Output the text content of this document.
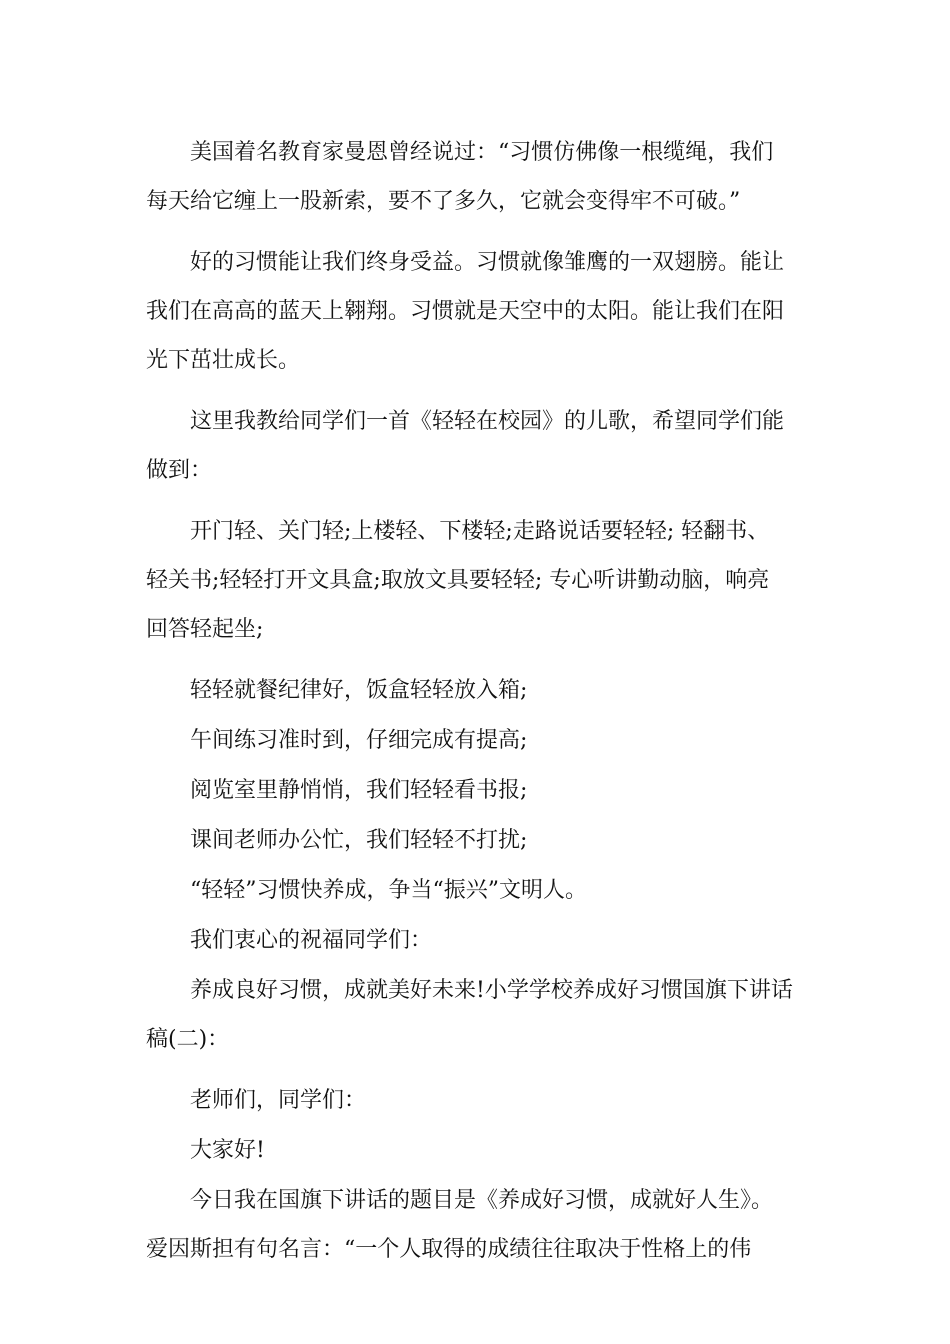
美国着名教育家曼恩曾经说过：“习惯仿佛像一根缆绳，我们
每天给它缠上一股新索，要不了多久，它就会变得牢不可破。”

好的习惯能让我们终身受益。习惯就像雏鹰的一双翅膀。能让
我们在高高的蓝天上翱翔。习惯就是天空中的太阳。能让我们在阳
光下茁壮成长。

这里我教给同学们一首《轻轻在校园》的儿歌，希望同学们能
做到：

开门轻、关门轻;上楼轻、下楼轻;走路说话要轻轻; 轻翻书、
轻关书;轻轻打开文具盒;取放文具要轻轻; 专心听讲勤动脑，响亮
回答轻起坐;

轻轻就餐纪律好，饭盒轻轻放入箱;

午间练习准时到，仔细完成有提高;

阅览室里静悄悄，我们轻轻看书报;

课间老师办公忙，我们轻轻不打扰;

“轻轻”习惯快养成，争当“振兴”文明人。

我们衷心的祝福同学们：

养成良好习惯，成就美好未来!小学学校养成好习惯国旗下讲话
稿(二)：

老师们，同学们：

大家好!

今日我在国旗下讲话的题目是《养成好习惯，成就好人生》。
爱因斯担有句名言：“一个人取得的成绩往往取决于性格上的伟
